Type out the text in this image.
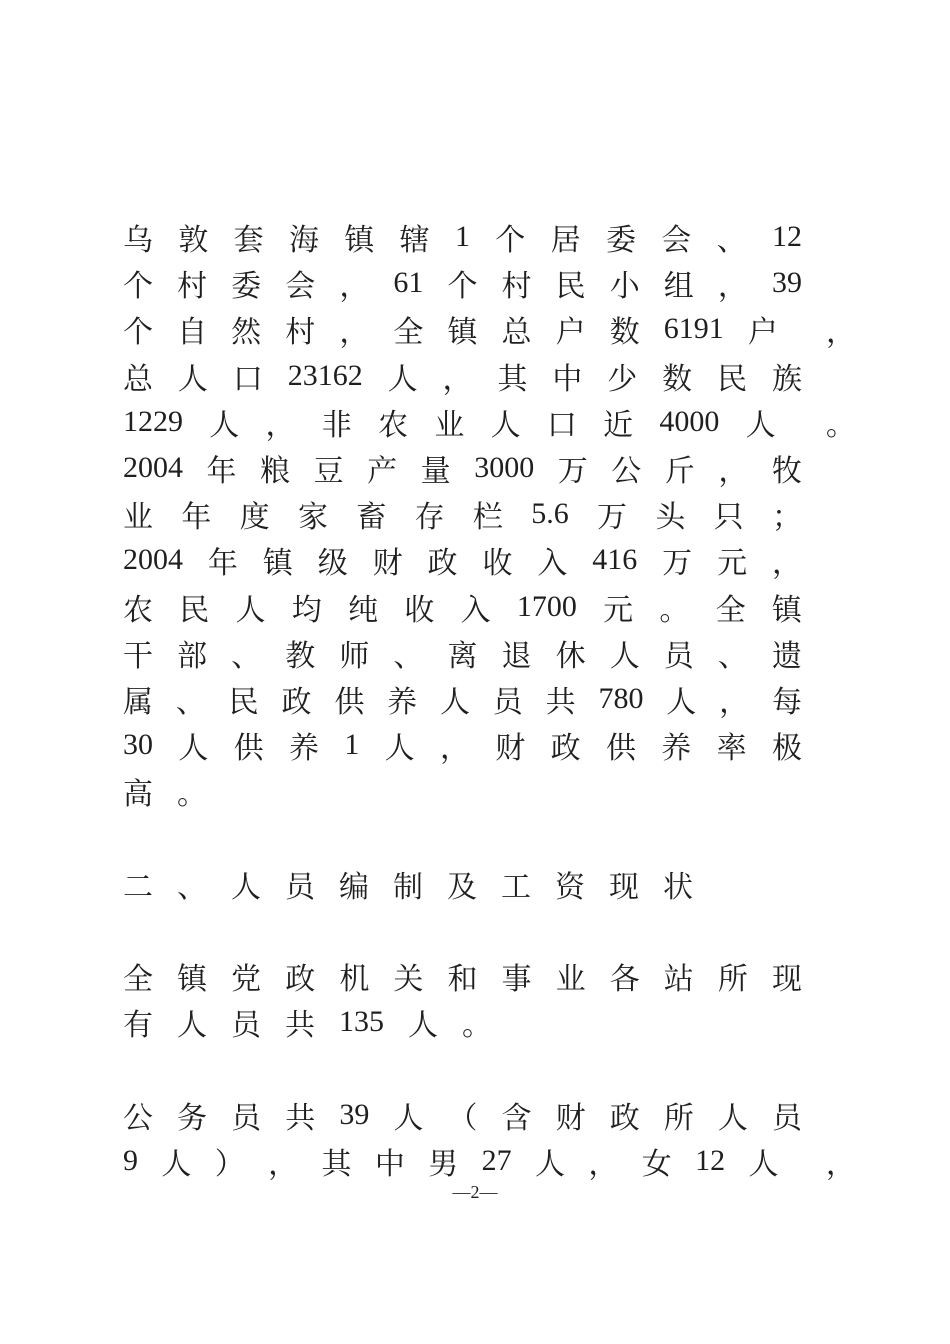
乌 敦 套 海 镇 辖 1 个 居 委 会 、 12
个 村 委 会 ， 61 个 村 民 小 组 ， 39
个 自 然 村 ， 全 镇 总 户 数 6191 户 ，
总 人 口 23162 人 ， 其 中 少 数 民 族
1229 人 ， 非 农 业 人 口 近 4000 人 。
2004 年 粮 豆 产 量 3000 万 公 斤 ， 牧
业 年 度 家 畜 存 栏 5.6 万 头 只 ；
2004 年 镇 级 财 政 收 入 416 万 元 ，
农 民 人 均 纯 收 入 1700 元 。 全 镇
干 部 、 教 师 、 离 退 休 人 员 、 遗
属 、 民 政 供 养 人 员 共 780 人 ， 每
30 人 供 养 1 人 ， 财 政 供 养 率 极
高 。
二 、 人 员 编 制 及 工 资 现 状
全 镇 党 政 机 关 和 事 业 各 站 所 现
有 人 员 共 135 人 。
公 务 员 共 39 人 （ 含 财 政 所 人 员
9 人 ） ， 其 中 男 27 人 ， 女 12 人 ，
—2—
